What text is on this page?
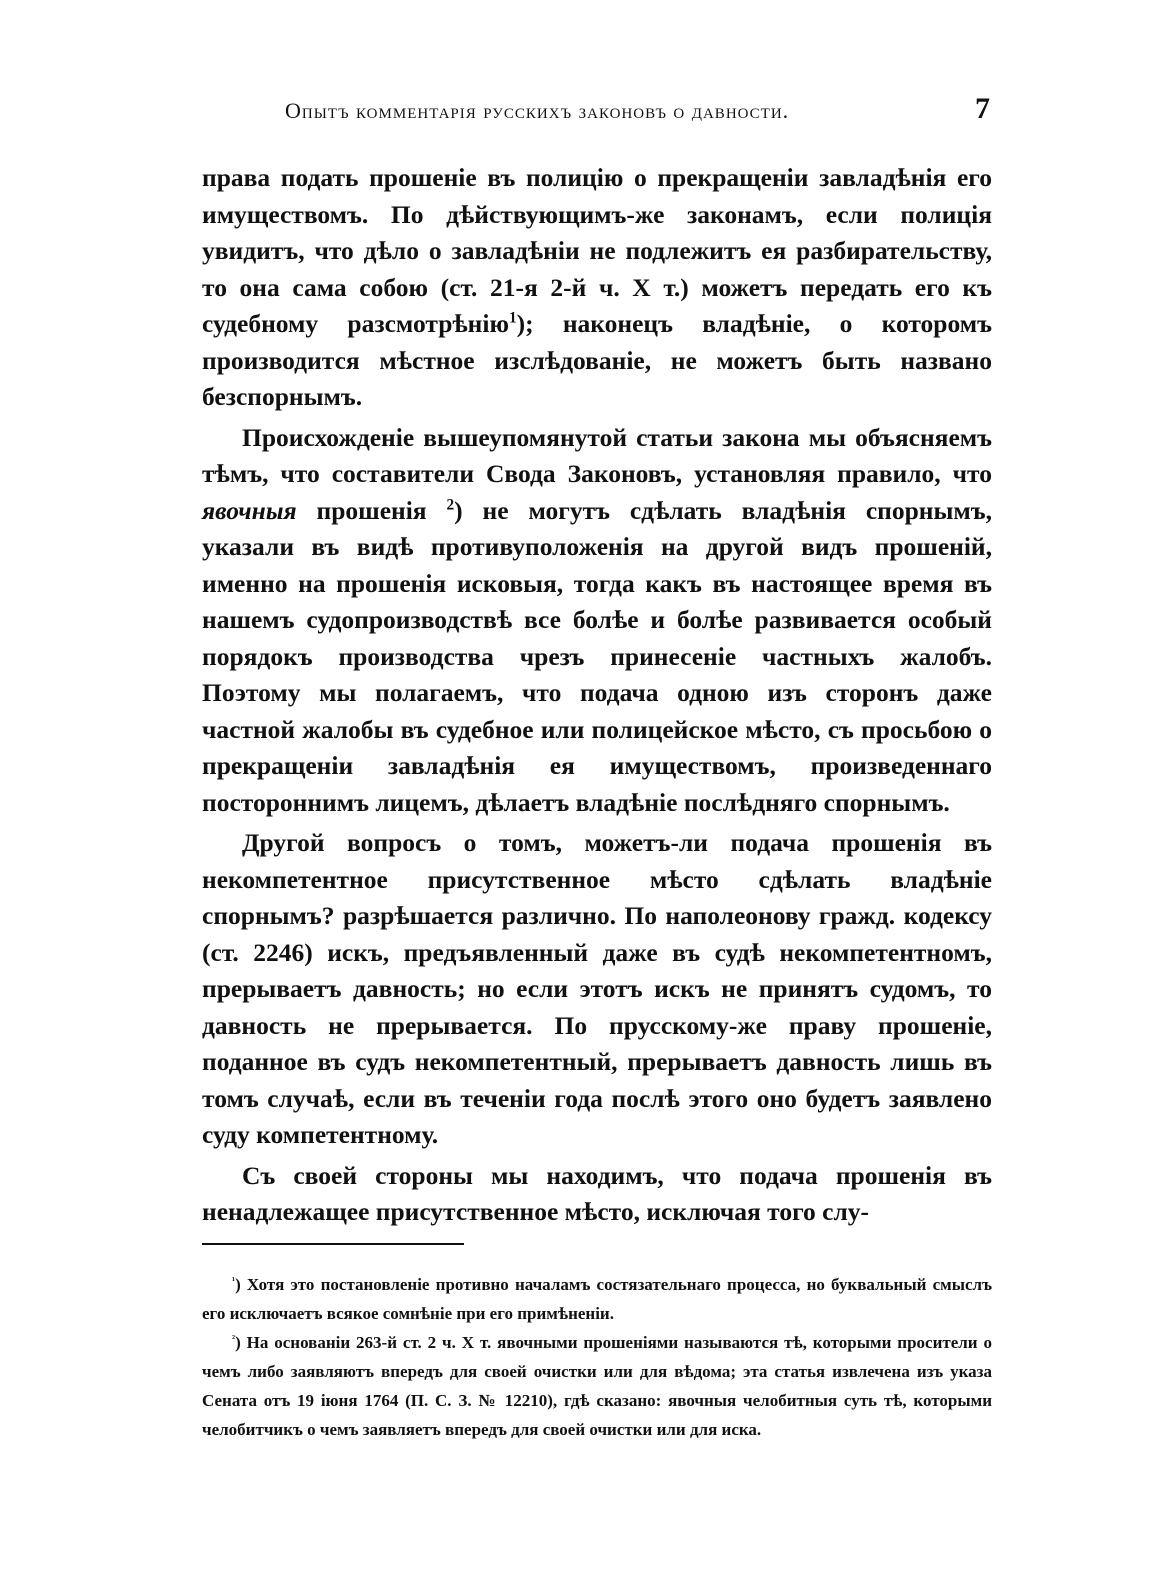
Опытъ комментарія русскихъ законовъ о давности.	7

права подать прошеніе въ полицію о прекращеніи завладѣнія его имуществомъ. По дѣйствующимъ-же законамъ, если полиція увидитъ, что дѣло о завладѣніи не подлежитъ ея разбирательству, то она сама собою (ст. 21-я 2-й ч. X т.) можетъ передать его къ судебному разсмотрѣнію$^1$); наконецъ владѣніе, о которомъ производится мѣстное изслѣдованіе, не можетъ быть названо безспорнымъ.

Происхожденіе вышеупомянутой статьи закона мы объясняемъ тѣмъ, что составители Свода Законовъ, установляя правило, что явочныя прошенія $^2$) не могутъ сдѣлать владѣнія спорнымъ, указали въ видѣ противуположенія на другой видъ прошеній, именно на прошенія исковыя, тогда какъ въ настоящее время въ нашемъ судопроизводствѣ все болѣе и болѣе развивается особый порядокъ производства чрезъ принесеніе частныхъ жалобъ. Поэтому мы полагаемъ, что подача одною изъ сторонъ даже частной жалобы въ судебное или полицейское мѣсто, съ просьбою о прекращеніи завладѣнія ея имуществомъ, произведеннаго постороннимъ лицемъ, дѣлаетъ владѣніе послѣдняго спорнымъ.

Другой вопросъ о томъ, можетъ-ли подача прошенія въ некомпетентное присутственное мѣсто сдѣлать владѣніе спорнымъ? разрѣшается различно. По наполеонову гражд. кодексу (ст. 2246) искъ, предъявленный даже въ судѣ некомпетентномъ, прерываетъ давность; но если этотъ искъ не принятъ судомъ, то давность не прерывается. По прусскому-же праву прошеніе, поданное въ судъ некомпетентный, прерываетъ давность лишь въ томъ случаѣ, если въ теченіи года послѣ этого оно будетъ заявлено суду компетентному.

Съ своей стороны мы находимъ, что подача прошенія въ ненадлежащее присутственное мѣсто, исключая того слу-

$^{^1}$) Хотя это постановленіе противно началамъ состязательнаго процесса, но буквальный смыслъ его исключаетъ всякое сомнѣніе при его примѣненіи.

$^{^2}$) На основаніи 263-й ст. 2 ч. X т. явочными прошеніями называются тѣ, которыми просители о чемъ либо заявляютъ впередъ для своей очистки или для вѣдома; эта статья извлечена изъ указа Сената отъ 19 іюня 1764 (П. С. З. № 12210), гдѣ сказано: явочныя челобитныя суть тѣ, которыми челобитчикъ о чемъ заявляетъ впередъ для своей очистки или для иска.
